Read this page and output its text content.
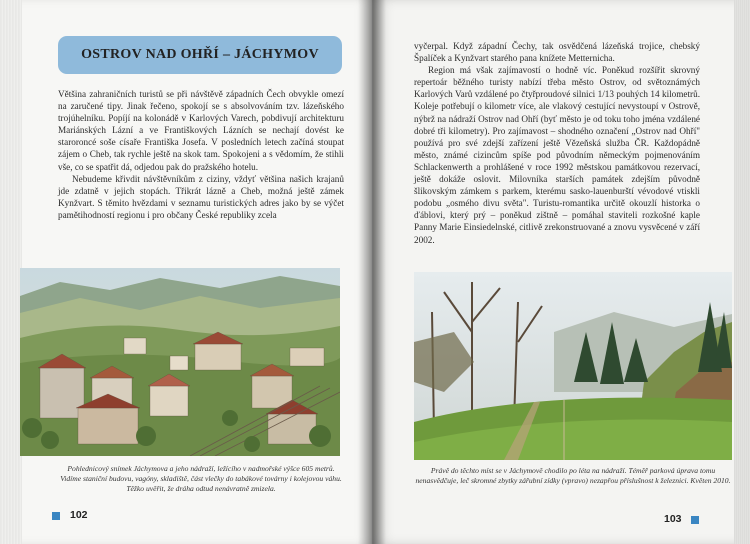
OSTROV NAD OHŘÍ – JÁCHYMOV

Většina zahraničních turistů se při návštěvě západních Čech obvykle omezí na zaručené tipy. Jinak řečeno, spokojí se s absolvováním tzv. lázeňského trojúhelníku. Popíjí na kolonádě v Karlových Varech, pobdivují architekturu Mariánských Lázní a ve Františkových Lázních se nechají dovést ke staroroncé soše císaře Františka Josefa. V posledních letech začíná stoupat zájem o Cheb, tak rychle ještě na skok tam. Spokojeni a s vědomím, že stihli vše, co se spatřit dá, odjedou pak do pražského hotelu.

Nebudeme křivdit návštěvníkům z ciziny, vždyť většina našich krajanů jde zdatně v jejich stopách. Třikrát lázně a Cheb, možná ještě zámek Kynžvart. S těmito hvězdami v seznamu turistických adres jako by se výčet pamětihodností regionu i pro občany České republiky zcela

Pohlednicový snímek Jáchymova a jeho nádraží, ležícího v nadmořské výšce 605 metrů. Vidíme staniční budovu, vagóny, skladiště, část vlečky do tabákové továrny i kolejovou váhu. Těžko uvěřit, že dráha odtud nenávratně zmizela.
102

vyčerpal. Když západní Čechy, tak osvědčená lázeňská trojice, chebský Špalíček a Kynžvart starého pana knížete Metternicha.

Region má však zajímavostí o hodně víc. Poněkud rozšířit skrovný repertoár běžného turisty nabízí třeba město Ostrov, od světoznámých Karlových Varů vzdálené po čtyřproudové silnici 1/13 pouhých 14 kilometrů. Koleje potřebují o kilometr více, ale vlakový cestující nevystoupí v Ostrově, nýbrž na nádraží Ostrov nad Ohří (byť město je od toku toho jména vzdálené dobré tři kilometry). Pro zajímavost – shodného označení „Ostrov nad Ohří" používá pro své zdejší zařízení ještě Vězeňská služba ČR. Každopádně město, známé cizincům spíše pod původním německým pojmenováním Schlackenwerth a prohlášené v roce 1992 městskou památkovou rezervací, ještě dokáže oslovit. Milovníka starších památek zdejším původně šlikovským zámkem s parkem, kterému sasko-lauenburští vévodové vtiskli podobu „osmého divu světa". Turistu-romantika určitě okouzlí historka o ďáblovi, který prý – poněkud zištně – pomáhal staviteli rozkošné kaple Panny Marie Einsiedelnské, citlivě zrekonstruované a znovu vysvěcené v září 2002.

Právě do těchto míst se v Jáchymově chodilo po léta na nádraží. Téměř parková úprava tomu nenasvědčuje, leč skromné zbytky zářubní zídky (vpravo) nezapřou příslušnost k železnici. Květen 2010.
103
